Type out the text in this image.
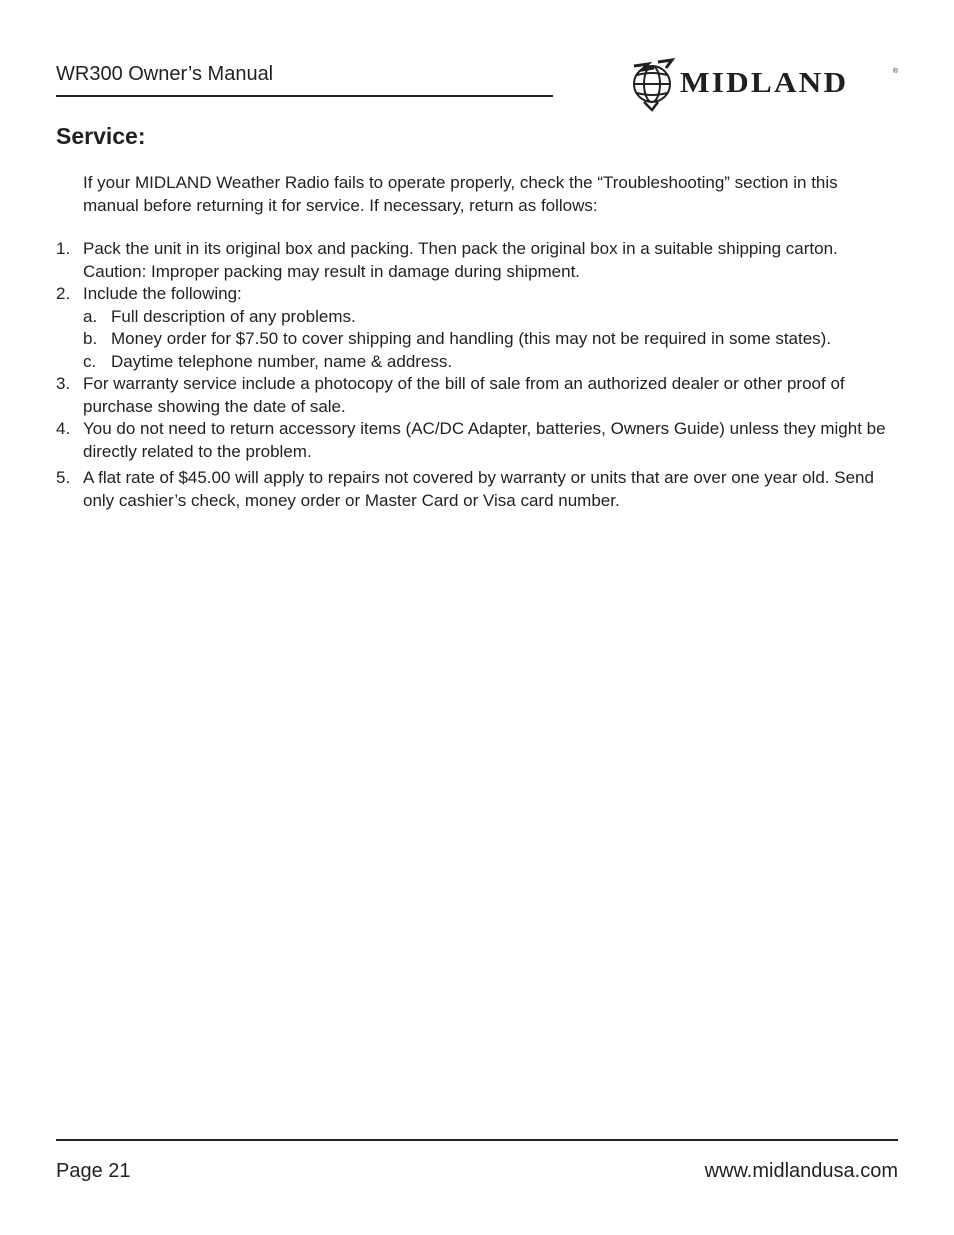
WR300 Owner’s Manual	MIDLAND	®
Service:
If your MIDLAND Weather Radio fails to operate properly, check the “Troubleshooting” section in this manual before returning it for service. If necessary, return as follows:
1. Pack the unit in its original box and packing. Then pack the original box in a suitable shipping carton. Caution: Improper packing may result in damage during shipment.
2. Include the following:
a. Full description of any problems.
b. Money order for $7.50 to cover shipping and handling (this may not be required in some states).
c. Daytime telephone number, name & address.
3. For warranty service include a photocopy of the bill of sale from an authorized dealer or other proof of purchase showing the date of sale.
4. You do not need to return accessory items (AC/DC Adapter, batteries, Owners Guide) unless they might be directly related to the problem.
5. A flat rate of $45.00 will apply to repairs not covered by warranty or units that are over one year old. Send only cashier’s check, money order or Master Card or Visa card number.
Page 21	www.midlandusa.com
